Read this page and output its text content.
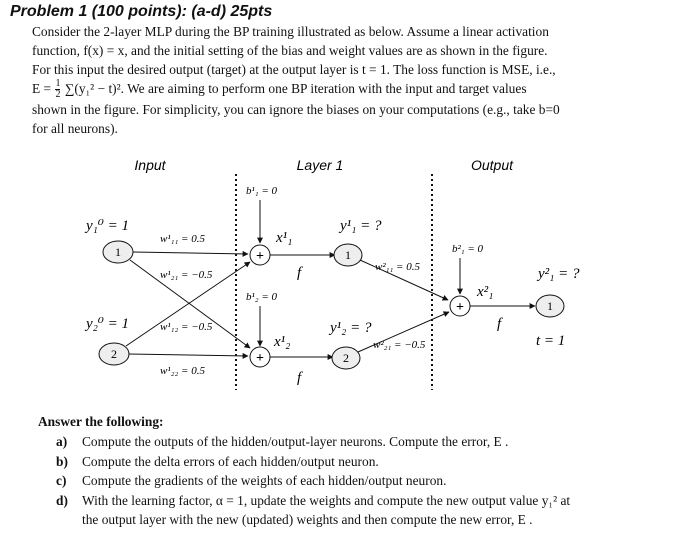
Problem 1 (100 points): (a-d) 25pts

Consider the 2-layer MLP during the BP training illustrated as below. Assume a linear activation

function, f(x) = x, and the initial setting of the bias and weight values are as shown in the figure.

For this input the desired output (target) at the output layer is t = 1. The loss function is MSE, i.e.,

$E = \frac{1}{2} \sum(y_1^2 - t)^2$. We are aiming to perform one BP iteration with the input and target values

shown in the figure. For simplicity, you can ignore the biases on your computations (e.g., take b=0

for all neurons).

Input	Layer 1	Output
y₁⁰ = 1
y₂⁰ = 1
1
2
w¹₁₁ = 0.5
w¹₂₁ = −0.5
w¹₁₂ = −0.5
w¹₂₂ = 0.5
b¹₁ = 0
b¹₂ = 0
+
+
x¹₁
x¹₂
f
f
y¹₁ = ?
y¹₂ = ?
1
2
w²₁₁ = 0.5
w²₂₁ = −0.5
b²₁ = 0
+
x²₁
f
y²₁ = ?
1
t = 1
Answer the following:
a) Compute the outputs of the hidden/output-layer neurons. Compute the error, E .
b) Compute the delta errors of each hidden/output neuron.
c) Compute the gradients of the weights of each hidden/output neuron.
d) With the learning factor, α = 1, update the weights and compute the new output value y₁² at
the output layer with the new (updated) weights and then compute the new error, E .
